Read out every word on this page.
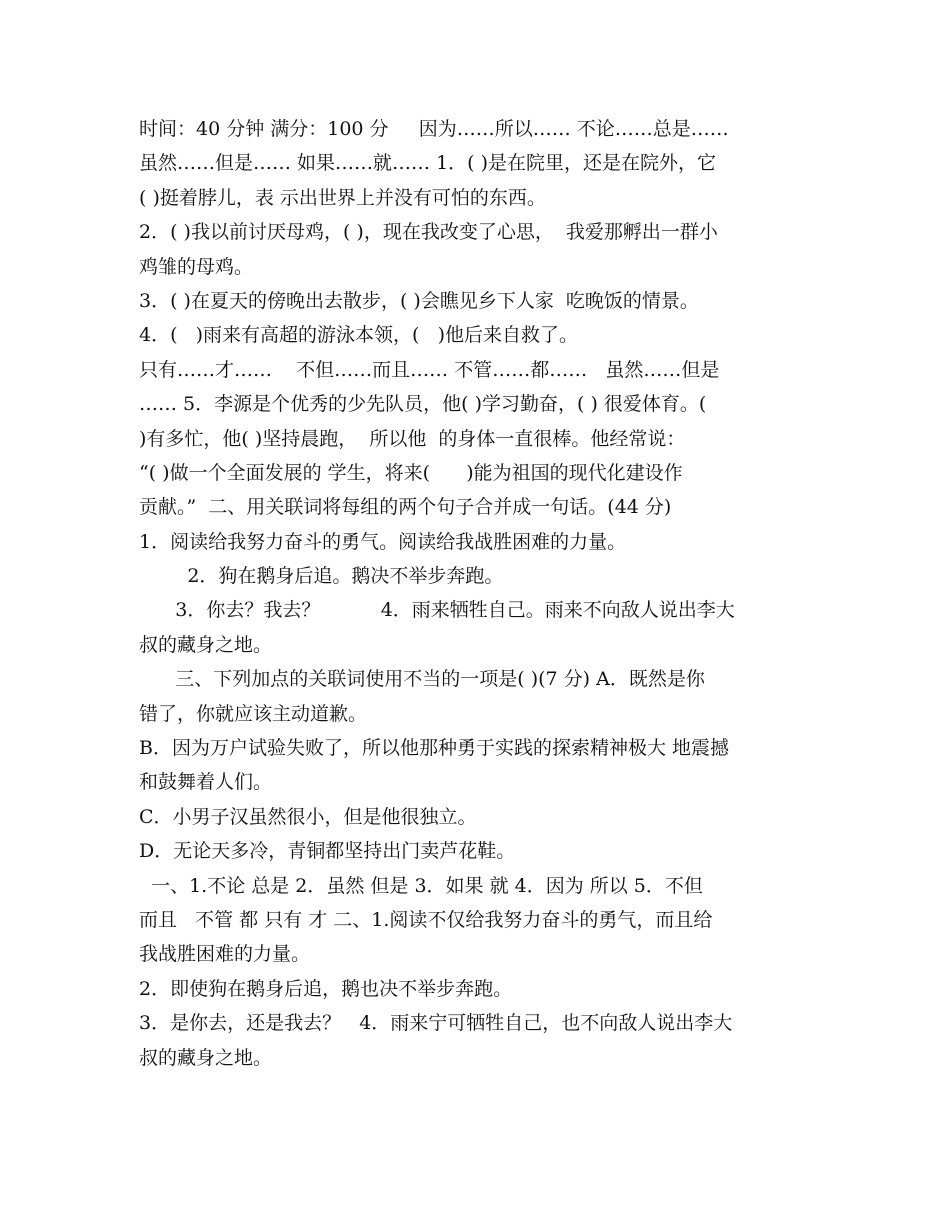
时间：40 分钟 满分：100 分     因为……所以…… 不论……总是……
虽然……但是…… 如果……就…… 1．( )是在院里，还是在院外，它
( )挺着脖儿，表 示出世界上并没有可怕的东西。
2．( )我以前讨厌母鸡，( )，现在我改变了心思，  我爱那孵出一群小
鸡雏的母鸡。
3．( )在夏天的傍晚出去散步，( )会瞧见乡下人家  吃晚饭的情景。
4．(   )雨来有高超的游泳本领，(   )他后来自救了。
只有……才……    不但……而且…… 不管……都……   虽然……但是
…… 5．李源是个优秀的少先队员，他( )学习勤奋，( ) 很爱体育。(
)有多忙，他( )坚持晨跑，  所以他  的身体一直很棒。他经常说：
“( )做一个全面发展的 学生，将来(      )能为祖国的现代化建设作
贡献。”  二、用关联词将每组的两个句子合并成一句话。(44 分)
1．阅读给我努力奋斗的勇气。阅读给我战胜困难的力量。
2．狗在鹅身后追。鹅决不举步奔跑。
3．你去？我去？          4．雨来牺牲自己。雨来不向敌人说出李大
叔的藏身之地。
三、下列加点的关联词使用不当的一项是( )(7 分) A．既然是你
错了，你就应该主动道歉。
B．因为万户试验失败了，所以他那种勇于实践的探索精神极大 地震撼
和鼓舞着人们。
C．小男子汉虽然很小，但是他很独立。
D．无论天多冷，青铜都坚持出门卖芦花鞋。
一、1.不论 总是 2．虽然 但是 3．如果 就 4．因为 所以 5．不但
而且   不管 都 只有 才 二、1.阅读不仅给我努力奋斗的勇气，而且给
我战胜困难的力量。
2．即使狗在鹅身后追，鹅也决不举步奔跑。
3．是你去，还是我去？   4．雨来宁可牺牲自己，也不向敌人说出李大
叔的藏身之地。
